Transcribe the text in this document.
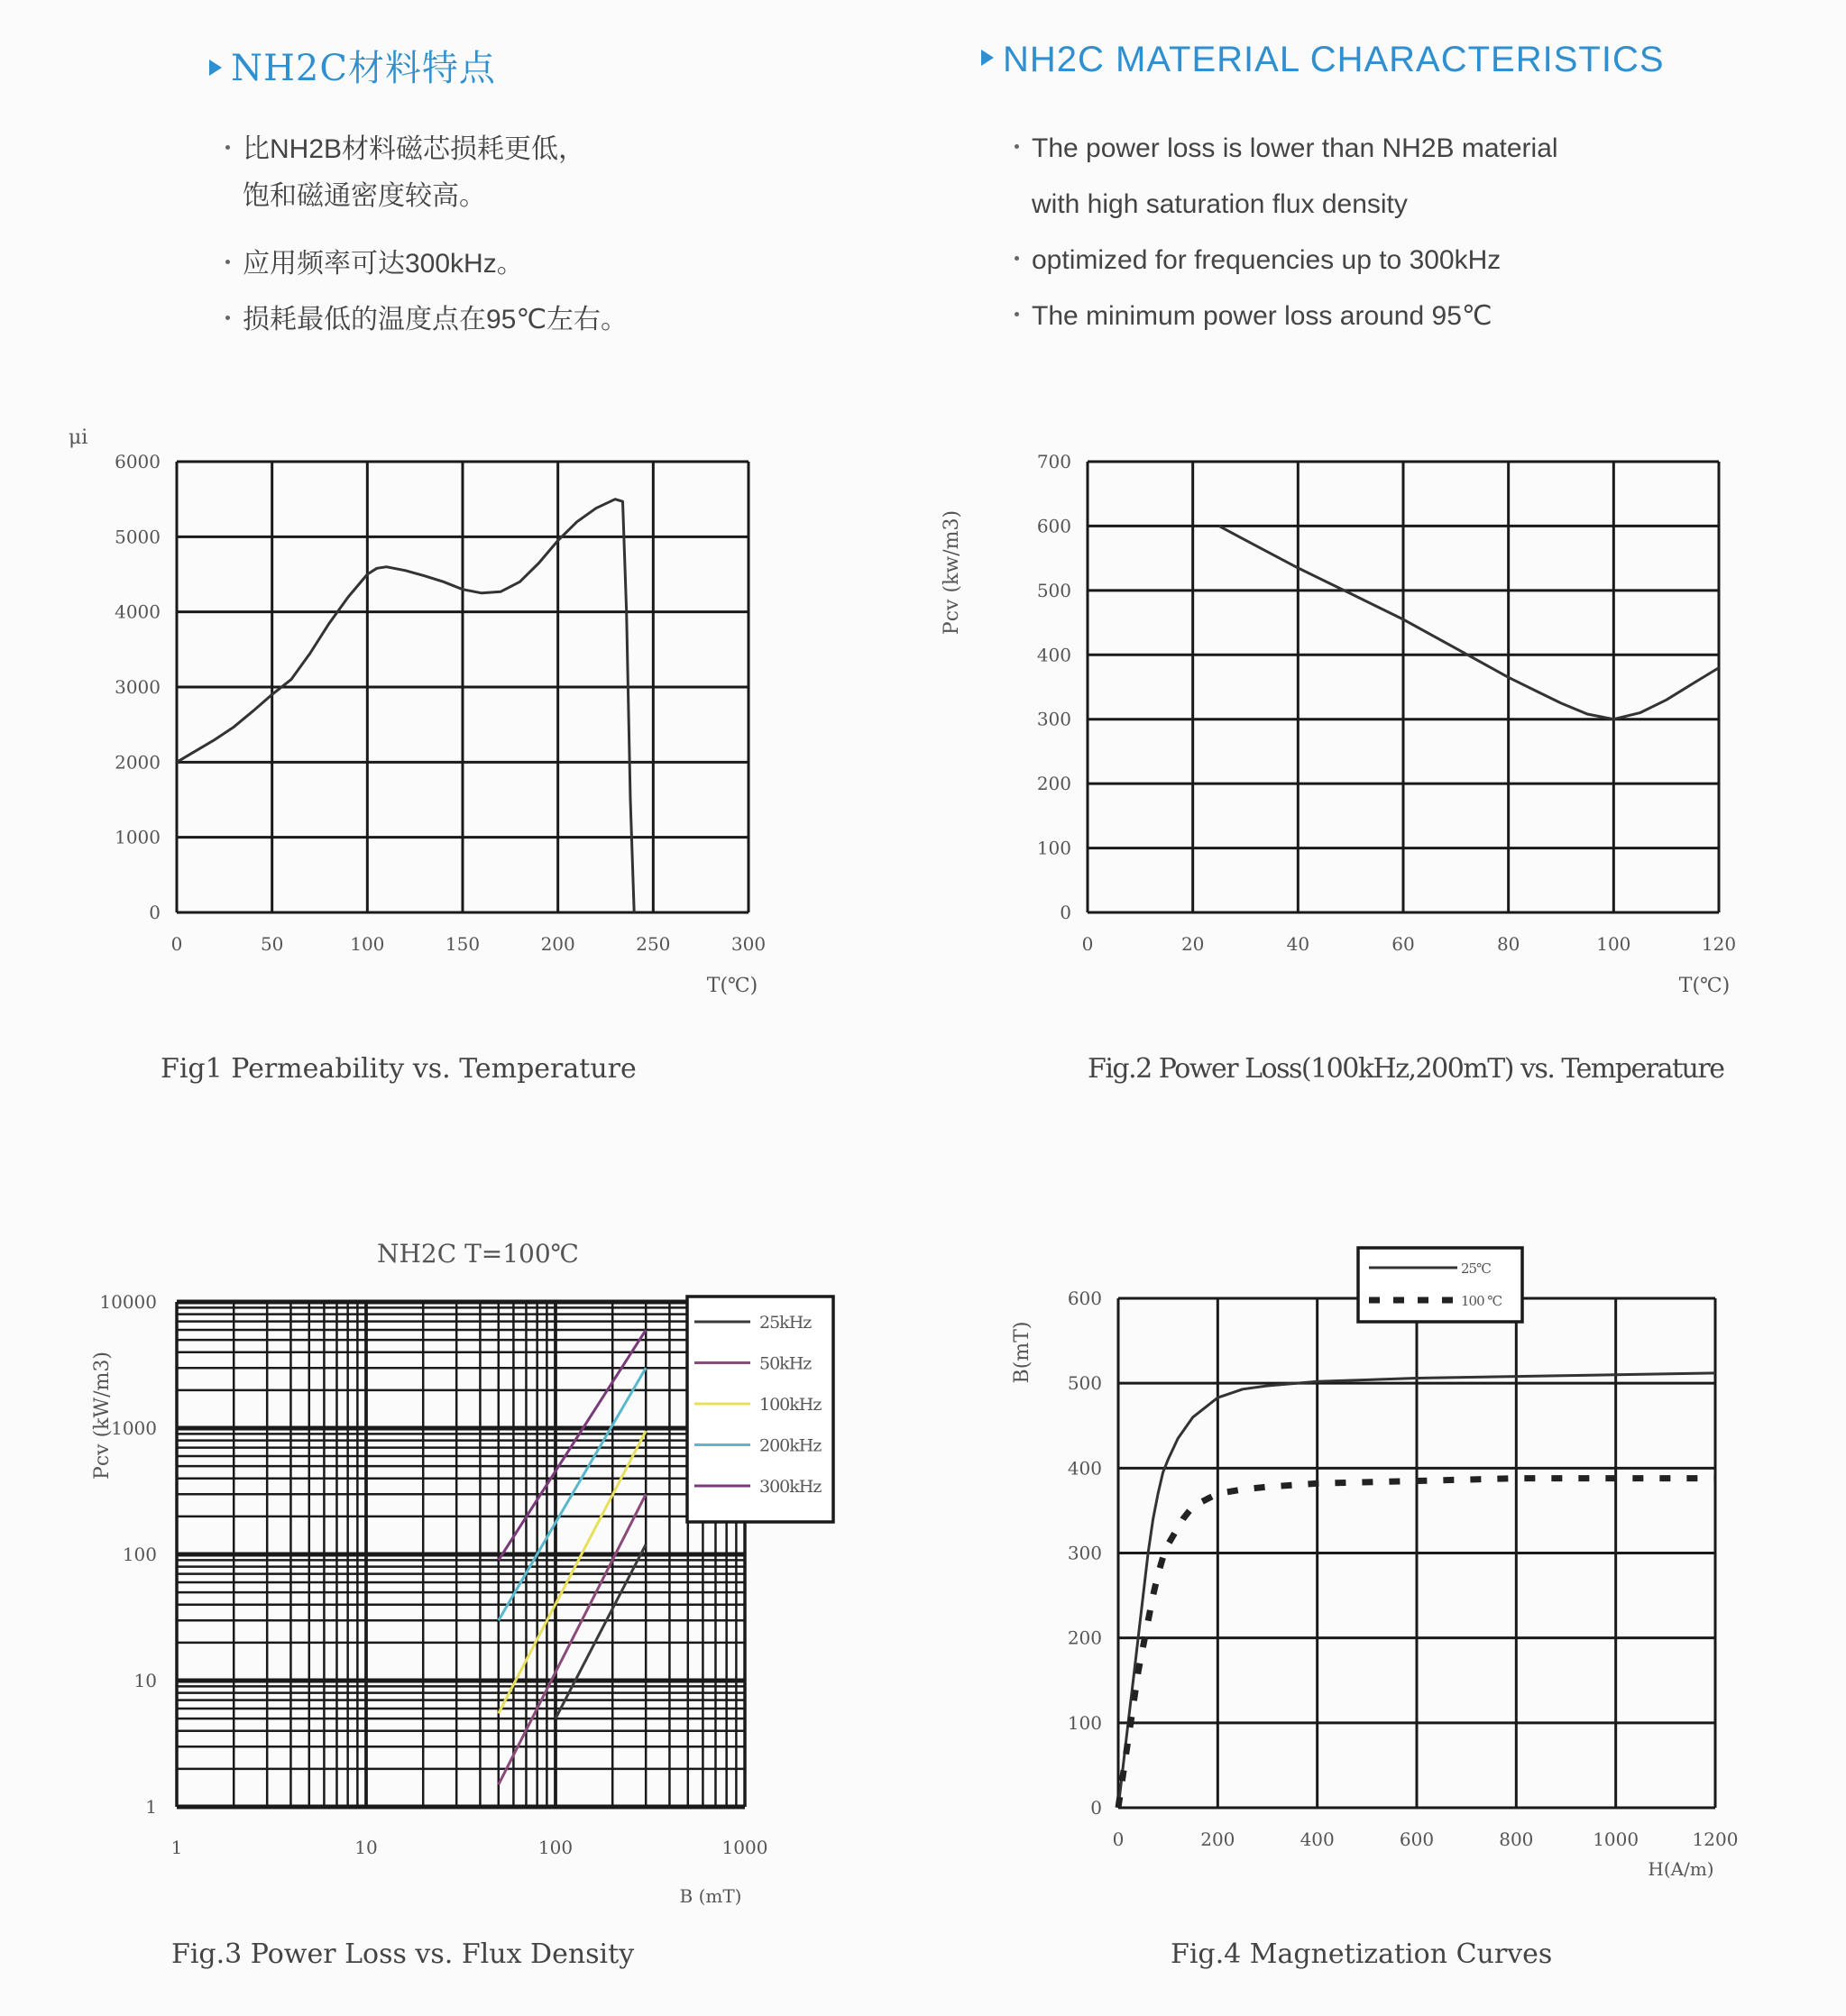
NH2C材料特点
比NH2B材料磁芯损耗更低，
饱和磁通密度较高。
应用频率可达300kHz。
损耗最低的温度点在95℃左右。
NH2C MATERIAL CHARACTERISTICS
The power loss is lower than NH2B material
with high saturation flux density
optimized for frequencies up to 300kHz
The minimum power loss around 95℃
0	50	100	150	200	250	300
0
1000
2000
3000
4000
5000
6000
μi
T(℃)
0	20	40	60	80	100	120
0
100
200
300
400
500
600
700
Pcv (kw/m3)
T(℃)
1	10	100	1000
1
10
100
1000
10000
NH2C T=100℃
Pcv (kW/m3)
B (mT)
25kHz
50kHz
100kHz
200kHz
300kHz
0	200	400	600	800	1000	1200
0
100
200
300
400
500
600
B(mT)
H(A/m)
25℃
100 ℃
Fig1 Permeability vs. Temperature	Fig.2 Power Loss(100kHz,200mT) vs. Temperature
Fig.3 Power Loss vs. Flux Density	Fig.4 Magnetization Curves
